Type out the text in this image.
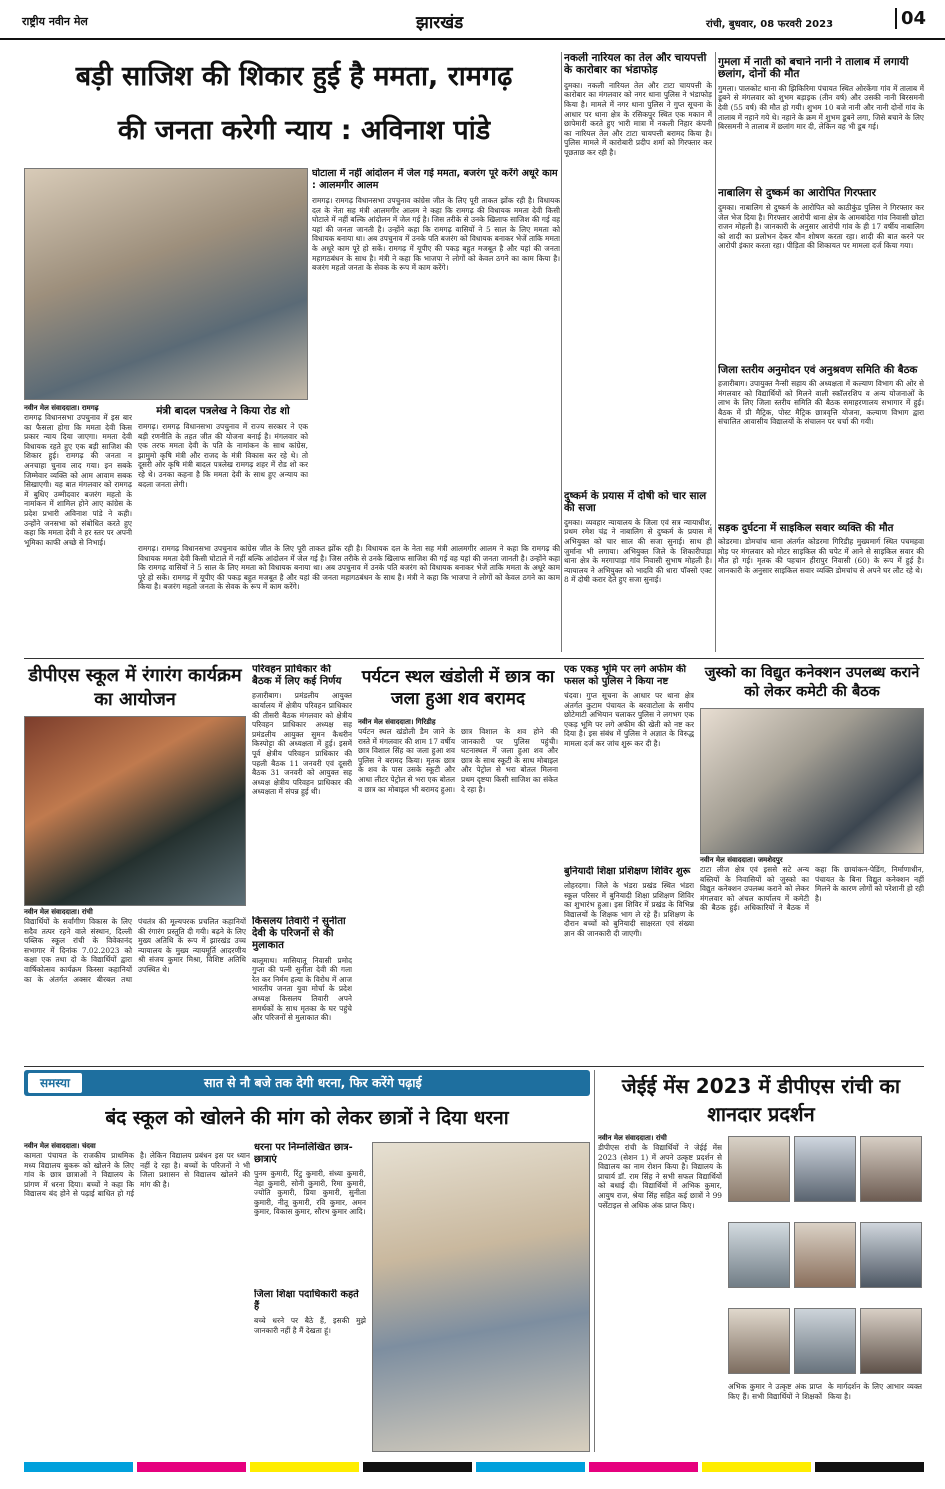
राष्ट्रीय नवीन मेल	झारखंड	रांची, बुधवार, 08 फरवरी 2023	04
बड़ी साजिश की शिकार हुई है ममता, रामगढ़
की जनता करेगी न्याय : अविनाश पांडे
घोटाला में नहीं आंदोलन में जेल गई ममता, बजरंग पूरे करेंगे अधूरे काम : आलमगीर आलम
रामगढ़। रामगढ़ विधानसभा उपचुनाव कांग्रेस जीत के लिए पूरी ताकत झोंक रही है। विधायक दल के नेता सह मंत्री आलमगीर आलम ने कहा कि रामगढ़ की विधायक ममता देवी किसी घोटाले में नहीं बल्कि आंदोलन में जेल गई है। जिस तरीके से उनके खिलाफ साजिश की गई वह यहां की जनता जानती है। उन्होंने कहा कि रामगढ़ वासियों ने 5 साल के लिए ममता को विधायक बनाया था। अब उपचुनाव में उनके पति बजरंग को विधायक बनाकर भेजें ताकि ममता के अधूरे काम पूरे हो सकें। रामगढ़ में यूपीए की पकड़ बहुत मजबूत है और यहां की जनता महागठबंधन के साथ है। मंत्री ने कहा कि भाजपा ने लोगों को केवल ठगने का काम किया है। बजरंग महतो जनता के सेवक के रूप में काम करेंगे।
नवीन मेल संवाददाता। रामगढ़
रामगढ़ विधानसभा उपचुनाव में इस बार का फैसला होगा कि ममता देवी किस प्रकार न्याय दिया जाएगा। ममता देवी विधायक रहते हुए एक बड़ी साजिश की शिकार हुई। रामगढ़ की जनता न अनचाहा चुनाव लाद गया। इन सबके जिम्मेवार व्यक्ति को आम आवाम सबक सिखाएगी। यह बात मंगलवार को रामगढ़ में बुधिए उम्मीदवार बजरंग महतो के नामांकन में शामिल होने आए कांग्रेस के प्रदेश प्रभारी अविनाश पांडे ने कही। उन्होंने जनसभा को संबोधित करते हुए कहा कि ममता देवी ने हर स्तर पर अपनी भूमिका काफी अच्छे से निभाई।
मंत्री बादल पत्रलेख ने किया रोड शो
रामगढ़। रामगढ़ विधानसभा उपचुनाव में राज्य सरकार ने एक बड़ी रणनीति के तहत जीत की योजना बनाई है। मंगलवार को एक तरफ ममता देवी के पति के नामांकन के साथ कांग्रेस, झामुमो कृषि मंत्री और राजद के मंत्री विकास कर रहे थे। तो दूसरी ओर कृषि मंत्री बादल पत्रलेख रामगढ़ शहर में रोड शो कर रहे थे। उनका कहना है कि ममता देवी के साथ हुए अन्याय का बदला जनता लेगी।
रामगढ़। रामगढ़ विधानसभा उपचुनाव कांग्रेस जीत के लिए पूरी ताकत झोंक रही है। विधायक दल के नेता सह मंत्री आलमगीर आलम ने कहा कि रामगढ़ की विधायक ममता देवी किसी घोटाले में नहीं बल्कि आंदोलन में जेल गई है। जिस तरीके से उनके खिलाफ साजिश की गई वह यहां की जनता जानती है। उन्होंने कहा कि रामगढ़ वासियों ने 5 साल के लिए ममता को विधायक बनाया था। अब उपचुनाव में उनके पति बजरंग को विधायक बनाकर भेजें ताकि ममता के अधूरे काम पूरे हो सकें। रामगढ़ में यूपीए की पकड़ बहुत मजबूत है और यहां की जनता महागठबंधन के साथ है। मंत्री ने कहा कि भाजपा ने लोगों को केवल ठगने का काम किया है। बजरंग महतो जनता के सेवक के रूप में काम करेंगे।
नकली नारियल का तेल और चायपत्ती के कारोबार का भंडाफोड़
दुमका। नकली नारियल तेल और टाटा चायपत्ती के कारोबार का मंगलवार को नगर थाना पुलिस ने भंडाफोड़ किया है। मामले में नगर थाना पुलिस ने गुप्त सूचना के आधार पर थाना क्षेत्र के रसिकपुर स्थित एक मकान में छापेमारी करते हुए भारी मात्रा में नकली निहार कंपनी का नारियल तेल और टाटा चायपत्ती बरामद किया है। पुलिस मामले में कारोबारी प्रदीप शर्मा को गिरफ्तार कर पूछताछ कर रही है।
दुष्कर्म के प्रयास में दोषी को चार साल की सजा
दुमका। व्यवहार न्यायालय के जिला एवं सत्र न्यायाधीश, प्रथम रमेश चंद्र ने नाबालिग से दुष्कर्म के प्रयास में अभियुक्त को चार साल की सजा सुनाई। साथ ही जुर्माना भी लगाया। अभियुक्त जिले के शिकारीपाड़ा थाना क्षेत्र के मरगापाड़ा गांव निवासी सुभाष मोहली है। न्यायालय ने अभियुक्त को भादवि की धारा पॉक्सो एक्ट 8 में दोषी करार देते हुए सजा सुनाई।
गुमला में नाती को बचाने नानी ने तालाब में लगायी छलांग, दोनों की मौत
गुमला। पालकोट थाना की झिकिरिमा पंचायत स्थित ओरकेंगा गांव में तालाब में डूबने से मंगलवार को शुभम बड़ाइक (तीन वर्ष) और उसकी नानी बिरसमनी देवी (55 वर्ष) की मौत हो गयी। शुभम 10 बजे नानी और नानी दोनों गांव के तालाब में नहाने गये थे। नहाने के क्रम में शुभम डूबने लगा, जिसे बचाने के लिए बिरसमनी ने तालाब में छलांग मार दी, लेकिन वह भी डूब गई।
नाबालिग से दुष्कर्म का आरोपित गिरफ्तार
दुमका। नाबालिग से दुष्कर्म के आरोपित को काठीकुंड पुलिस ने गिरफ्तार कर जेल भेज दिया है। गिरफ्तार आरोपी थाना क्षेत्र के आमबांदेरा गांव निवासी छोटा राजन मोहली है। जानकारी के अनुसार आरोपी गांव के ही 17 वर्षीय नाबालिग को शादी का प्रलोभन देकर यौन शोषण करता रहा। शादी की बात करने पर आरोपी इंकार करता रहा। पीड़िता की शिकायत पर मामला दर्ज किया गया।
जिला स्तरीय अनुमोदन एवं अनुश्रवण समिति की बैठक
हजारीबाग। उपायुक्त नैन्सी सहाय की अध्यक्षता में कल्याण विभाग की ओर से मंगलवार को विद्यार्थियों को मिलने वाली स्कॉलरशिप व अन्य योजनाओं के लाभ के लिए जिला स्तरीय समिति की बैठक समाहरणालय सभागार में हुई। बैठक में प्री मैट्रिक, पोस्ट मैट्रिक छात्रवृत्ति योजना, कल्याण विभाग द्वारा संचालित आवासीय विद्यालयों के संचालन पर चर्चा की गयी।
सड़क दुर्घटना में साइकिल सवार व्यक्ति की मौत
कोडरमा। डोमचांच थाना अंतर्गत कोडरमा गिरिडीह मुख्यमार्ग स्थित पचमहवा मोड़ पर मंगलवार को मोटर साइकिल की चपेट में आने से साइकिल सवार की मौत हो गई। मृतक की पहचान हीरापुर निवासी (60) के रूप में हुई है। जानकारी के अनुसार साइकिल सवार व्यक्ति डोमचांच से अपने घर लौट रहे थे।
डीपीएस स्कूल में रंगारंग कार्यक्रम का आयोजन
नवीन मेल संवाददाता। रांची
विद्यार्थियों के सर्वांगीण विकास के लिए सदैव तत्पर रहने वाले संस्थान, दिल्ली पब्लिक स्कूल रांची के विवेकानंद सभागार में दिनांक 7.02.2023 को कक्षा एक तथा दो के विद्यार्थियों द्वारा वार्षिकोत्सव कार्यक्रम किस्सा कहानियों का के अंतर्गत अक्सर बीरबल तथा पंचतंत्र की मूल्यपरक प्रचलित कहानियों की रंगारंग प्रस्तुति दी गयी। बढ़ने के लिए मुख्य अतिथि के रूप में झारखंड उच्च न्यायालय के मुख्य न्यायमूर्ति आदरणीय श्री संजय कुमार मिश्रा, विशिष्ट अतिथि उपस्थित थे।
परिवहन प्राधिकार की बैठक में लिए कई निर्णय
हजारीबाग। प्रमंडलीय आयुक्त कार्यालय में क्षेत्रीय परिवहन प्राधिकार की तीसरी बैठक मंगलवार को क्षेत्रीय परिवहन प्राधिकार अध्यक्ष सह प्रमंडलीय आयुक्त सुमन कैथरीन किस्पोट्टा की अध्यक्षता में हुई। इसमें पूर्व क्षेत्रीय परिवहन प्राधिकार की पहली बैठक 11 जनवरी एवं दूसरी बैठक 31 जनवरी को आयुक्त सह अध्यक्ष क्षेत्रीय परिवहन प्राधिकार की अध्यक्षता में संपन्न हुई थी।
किसलय तिवारी ने सुनीता देवी के परिजनों से की मुलाकात
बालूमाथ। मासियातू निवासी प्रमोद गुप्ता की पत्नी सुनीता देवी की गला रेत कर निर्मम हत्या के विरोध में आज भारतीय जनता युवा मोर्चा के प्रदेश अध्यक्ष किसलय तिवारी अपने समर्थकों के साथ मृतका के घर पहुंचे और परिजनों से मुलाकात की।
पर्यटन स्थल खंडोली में छात्र का जला हुआ शव बरामद
नवीन मेल संवाददाता। गिरिडीह
पर्यटन स्थल खंडोली डैम जाने के रास्ते में मंगलवार की शाम 17 वर्षीय छात्र विशाल सिंह का जला हुआ शव पुलिस ने बरामद किया। मृतक छात्र के शव के पास उसके स्कूटी और आधा लीटर पेट्रोल से भरा एक बोतल व छात्र का मोबाइल भी बरामद हुआ। छात्र विशाल के शव होने की जानकारी पर पुलिस पहुंची। घटनास्थल में जला हुआ शव और छात्र के साथ स्कूटी के साथ मोबाइल और पेट्रोल से भरा बोतल मिलना प्रथम दृष्टया किसी साजिश का संकेत दे रहा है।
एक एकड़ भूमि पर लगे अफीम की फसल को पुलिस ने किया नष्ट
चंदवा। गुप्त सूचना के आधार पर थाना क्षेत्र अंतर्गत कुटाम पंचायत के बरवाटोला के समीप छोटेमाटी अभियान चलाकर पुलिस ने लगभग एक एकड़ भूमि पर लगे अफीम की खेती को नष्ट कर दिया है। इस संबंध में पुलिस ने अज्ञात के विरुद्ध मामला दर्ज कर जांच शुरू कर दी है।
बुनियादी शिक्षा प्रशिक्षण शिविर शुरू
लोहरदगा। जिले के भंडरा प्रखंड स्थित भंडरा स्कूल परिसर में बुनियादी शिक्षा प्रशिक्षण शिविर का शुभारंभ हुआ। इस शिविर में प्रखंड के विभिन्न विद्यालयों के शिक्षक भाग ले रहे हैं। प्रशिक्षण के दौरान बच्चों को बुनियादी साक्षरता एवं संख्या ज्ञान की जानकारी दी जाएगी।
जुस्को का विद्युत कनेक्शन उपलब्ध कराने को लेकर कमेटी की बैठक
नवीन मेल संवाददाता। जमशेदपुर
टाटा लीज क्षेत्र एवं इससे सटे अन्य बस्तियों के निवासियों को जुस्को का विद्युत कनेक्शन उपलब्ध कराने को लेकर मंगलवार को अंचल कार्यालय में कमेटी की बैठक हुई। अधिकारियों ने बैठक में कहा कि छायांकन-पेडिंग, निर्माणाधीन, पंचायत के बिना विद्युत कनेक्शन नहीं मिलने के कारण लोगों को परेशानी हो रही है।
समस्या	सात से नौ बजे तक देगी धरना, फिर करेंगे पढ़ाई
बंद स्कूल को खोलने की मांग को लेकर छात्रों ने दिया धरना
नवीन मेल संवाददाता। चंदवा
कामता पंचायत के राजकीय प्राथमिक मध्य विद्यालय बुकरू को खोलने के लिए गांव के छात्र छात्राओं ने विद्यालय के प्रांगण में धरना दिया। बच्चों ने कहा कि विद्यालय बंद होने से पढ़ाई बाधित हो गई है। लेकिन विद्यालय प्रबंधन इस पर ध्यान नहीं दे रहा है। बच्चों के परिजनों ने भी जिला प्रशासन से विद्यालय खोलने की मांग की है।
धरना पर निम्नलिखित छात्र-छात्राएं
पुनम कुमारी, रिंटु कुमारी, संध्या कुमारी, नेहा कुमारी, सोनी कुमारी, रिमा कुमारी, ज्योति कुमारी, प्रिया कुमारी, सुनीता कुमारी, नीतू कुमारी, रवि कुमार, अमन कुमार, विकास कुमार, सौरभ कुमार आदि।
जिला शिक्षा पदाधिकारी कहते हैं
बच्चे धरने पर बैठे हैं, इसकी मुझे जानकारी नहीं है मैं देखता हूं।
जेईई मेंस 2023 में डीपीएस रांची का शानदार प्रदर्शन
नवीन मेल संवाददाता। रांची
डीपीएस रांची के विद्यार्थियों ने जेईई मेंस 2023 (सेशन 1) में अपने उत्कृष्ट प्रदर्शन से विद्यालय का नाम रोशन किया है। विद्यालय के प्राचार्य डॉ. राम सिंह ने सभी सफल विद्यार्थियों को बधाई दी। विद्यार्थियों में अभिक कुमार, आयुष राज, श्रेया सिंह सहित कई छात्रों ने 99 पर्सेंटाइल से अधिक अंक प्राप्त किए।
अभिक कुमार ने उत्कृष्ट अंक प्राप्त किए हैं। सभी विद्यार्थियों ने शिक्षकों के मार्गदर्शन के लिए आभार व्यक्त किया है।
